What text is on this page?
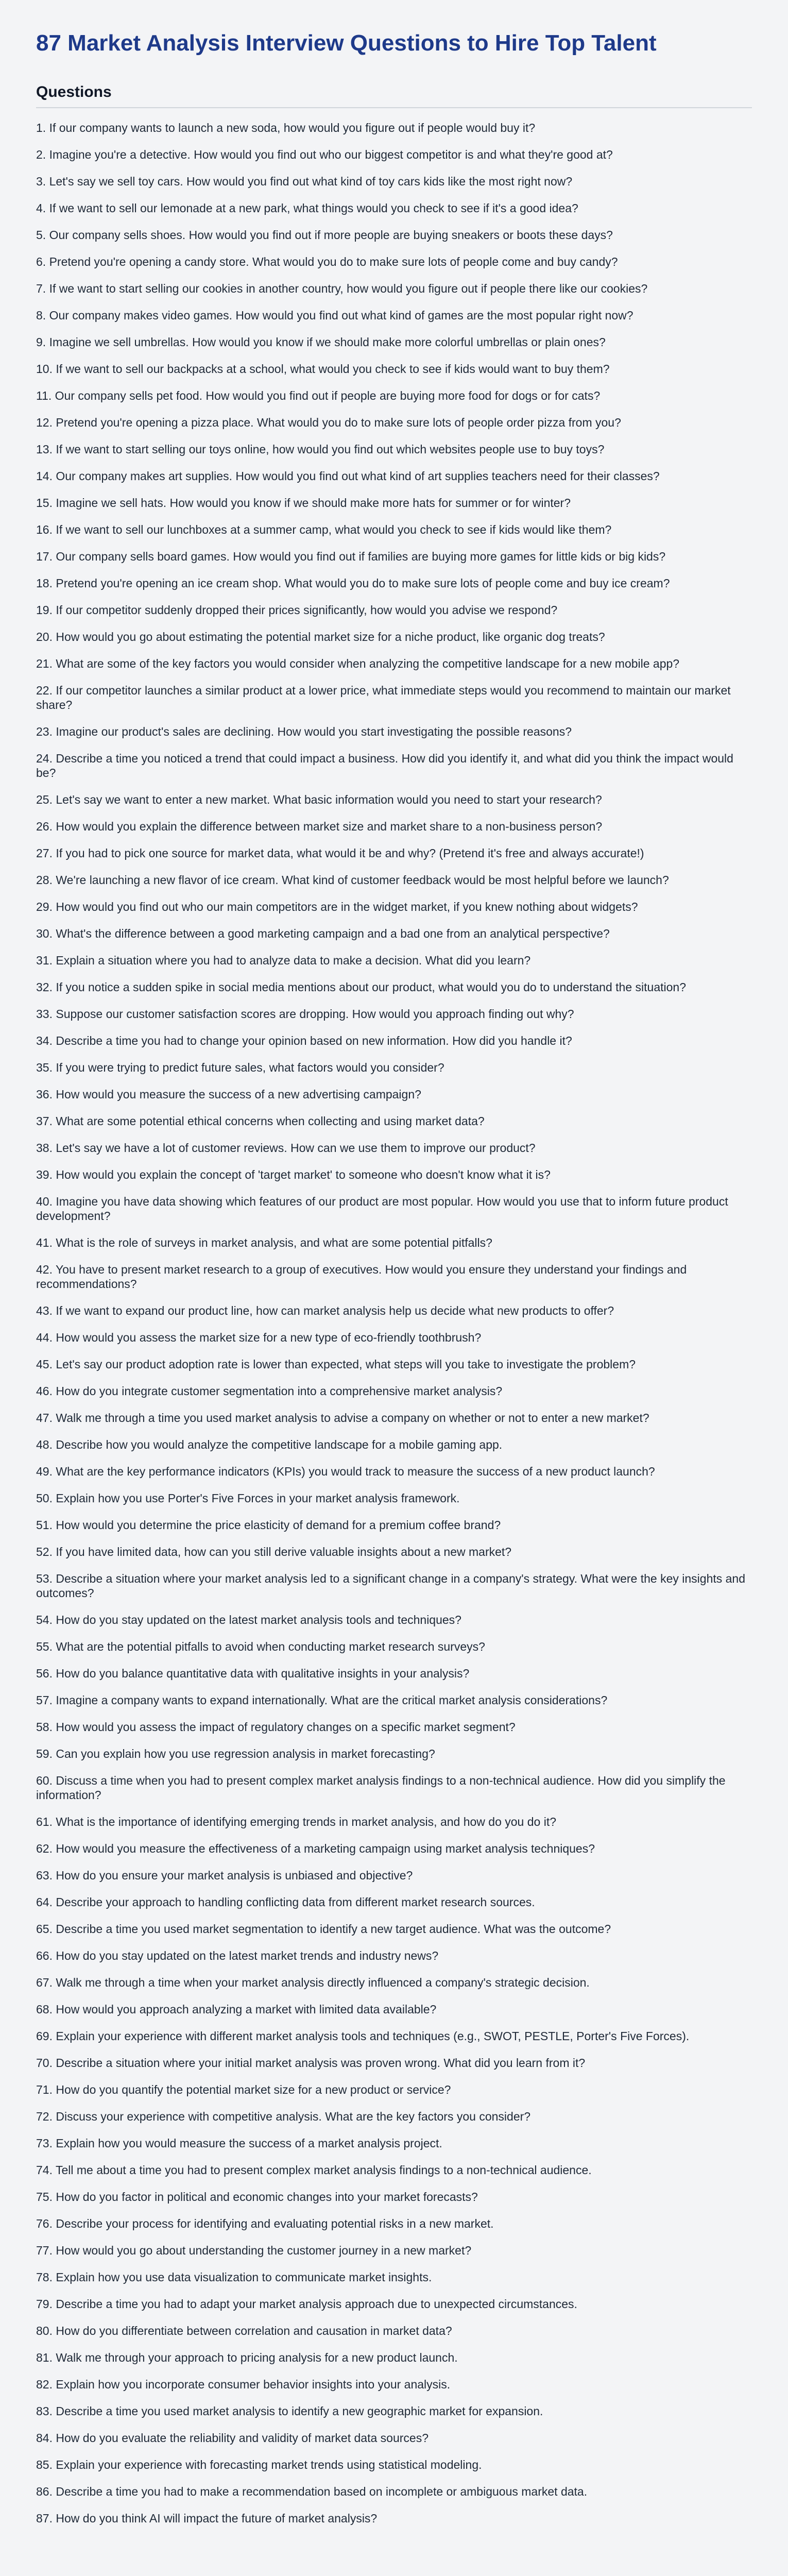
87 Market Analysis Interview Questions to Hire Top Talent
Questions
1. If our company wants to launch a new soda, how would you figure out if people would buy it?
2. Imagine you're a detective. How would you find out who our biggest competitor is and what they're good at?
3. Let's say we sell toy cars. How would you find out what kind of toy cars kids like the most right now?
4. If we want to sell our lemonade at a new park, what things would you check to see if it's a good idea?
5. Our company sells shoes. How would you find out if more people are buying sneakers or boots these days?
6. Pretend you're opening a candy store. What would you do to make sure lots of people come and buy candy?
7. If we want to start selling our cookies in another country, how would you figure out if people there like our cookies?
8. Our company makes video games. How would you find out what kind of games are the most popular right now?
9. Imagine we sell umbrellas. How would you know if we should make more colorful umbrellas or plain ones?
10. If we want to sell our backpacks at a school, what would you check to see if kids would want to buy them?
11. Our company sells pet food. How would you find out if people are buying more food for dogs or for cats?
12. Pretend you're opening a pizza place. What would you do to make sure lots of people order pizza from you?
13. If we want to start selling our toys online, how would you find out which websites people use to buy toys?
14. Our company makes art supplies. How would you find out what kind of art supplies teachers need for their classes?
15. Imagine we sell hats. How would you know if we should make more hats for summer or for winter?
16. If we want to sell our lunchboxes at a summer camp, what would you check to see if kids would like them?
17. Our company sells board games. How would you find out if families are buying more games for little kids or big kids?
18. Pretend you're opening an ice cream shop. What would you do to make sure lots of people come and buy ice cream?
19. If our competitor suddenly dropped their prices significantly, how would you advise we respond?
20. How would you go about estimating the potential market size for a niche product, like organic dog treats?
21. What are some of the key factors you would consider when analyzing the competitive landscape for a new mobile app?
22. If our competitor launches a similar product at a lower price, what immediate steps would you recommend to maintain our market share?
23. Imagine our product's sales are declining. How would you start investigating the possible reasons?
24. Describe a time you noticed a trend that could impact a business. How did you identify it, and what did you think the impact would be?
25. Let's say we want to enter a new market. What basic information would you need to start your research?
26. How would you explain the difference between market size and market share to a non-business person?
27. If you had to pick one source for market data, what would it be and why? (Pretend it's free and always accurate!)
28. We're launching a new flavor of ice cream. What kind of customer feedback would be most helpful before we launch?
29. How would you find out who our main competitors are in the widget market, if you knew nothing about widgets?
30. What's the difference between a good marketing campaign and a bad one from an analytical perspective?
31. Explain a situation where you had to analyze data to make a decision. What did you learn?
32. If you notice a sudden spike in social media mentions about our product, what would you do to understand the situation?
33. Suppose our customer satisfaction scores are dropping. How would you approach finding out why?
34. Describe a time you had to change your opinion based on new information. How did you handle it?
35. If you were trying to predict future sales, what factors would you consider?
36. How would you measure the success of a new advertising campaign?
37. What are some potential ethical concerns when collecting and using market data?
38. Let's say we have a lot of customer reviews. How can we use them to improve our product?
39. How would you explain the concept of 'target market' to someone who doesn't know what it is?
40. Imagine you have data showing which features of our product are most popular. How would you use that to inform future product development?
41. What is the role of surveys in market analysis, and what are some potential pitfalls?
42. You have to present market research to a group of executives. How would you ensure they understand your findings and recommendations?
43. If we want to expand our product line, how can market analysis help us decide what new products to offer?
44. How would you assess the market size for a new type of eco-friendly toothbrush?
45. Let's say our product adoption rate is lower than expected, what steps will you take to investigate the problem?
46. How do you integrate customer segmentation into a comprehensive market analysis?
47. Walk me through a time you used market analysis to advise a company on whether or not to enter a new market?
48. Describe how you would analyze the competitive landscape for a mobile gaming app.
49. What are the key performance indicators (KPIs) you would track to measure the success of a new product launch?
50. Explain how you use Porter's Five Forces in your market analysis framework.
51. How would you determine the price elasticity of demand for a premium coffee brand?
52. If you have limited data, how can you still derive valuable insights about a new market?
53. Describe a situation where your market analysis led to a significant change in a company's strategy. What were the key insights and outcomes?
54. How do you stay updated on the latest market analysis tools and techniques?
55. What are the potential pitfalls to avoid when conducting market research surveys?
56. How do you balance quantitative data with qualitative insights in your analysis?
57. Imagine a company wants to expand internationally. What are the critical market analysis considerations?
58. How would you assess the impact of regulatory changes on a specific market segment?
59. Can you explain how you use regression analysis in market forecasting?
60. Discuss a time when you had to present complex market analysis findings to a non-technical audience. How did you simplify the information?
61. What is the importance of identifying emerging trends in market analysis, and how do you do it?
62. How would you measure the effectiveness of a marketing campaign using market analysis techniques?
63. How do you ensure your market analysis is unbiased and objective?
64. Describe your approach to handling conflicting data from different market research sources.
65. Describe a time you used market segmentation to identify a new target audience. What was the outcome?
66. How do you stay updated on the latest market trends and industry news?
67. Walk me through a time when your market analysis directly influenced a company's strategic decision.
68. How would you approach analyzing a market with limited data available?
69. Explain your experience with different market analysis tools and techniques (e.g., SWOT, PESTLE, Porter's Five Forces).
70. Describe a situation where your initial market analysis was proven wrong. What did you learn from it?
71. How do you quantify the potential market size for a new product or service?
72. Discuss your experience with competitive analysis. What are the key factors you consider?
73. Explain how you would measure the success of a market analysis project.
74. Tell me about a time you had to present complex market analysis findings to a non-technical audience.
75. How do you factor in political and economic changes into your market forecasts?
76. Describe your process for identifying and evaluating potential risks in a new market.
77. How would you go about understanding the customer journey in a new market?
78. Explain how you use data visualization to communicate market insights.
79. Describe a time you had to adapt your market analysis approach due to unexpected circumstances.
80. How do you differentiate between correlation and causation in market data?
81. Walk me through your approach to pricing analysis for a new product launch.
82. Explain how you incorporate consumer behavior insights into your analysis.
83. Describe a time you used market analysis to identify a new geographic market for expansion.
84. How do you evaluate the reliability and validity of market data sources?
85. Explain your experience with forecasting market trends using statistical modeling.
86. Describe a time you had to make a recommendation based on incomplete or ambiguous market data.
87. How do you think AI will impact the future of market analysis?
